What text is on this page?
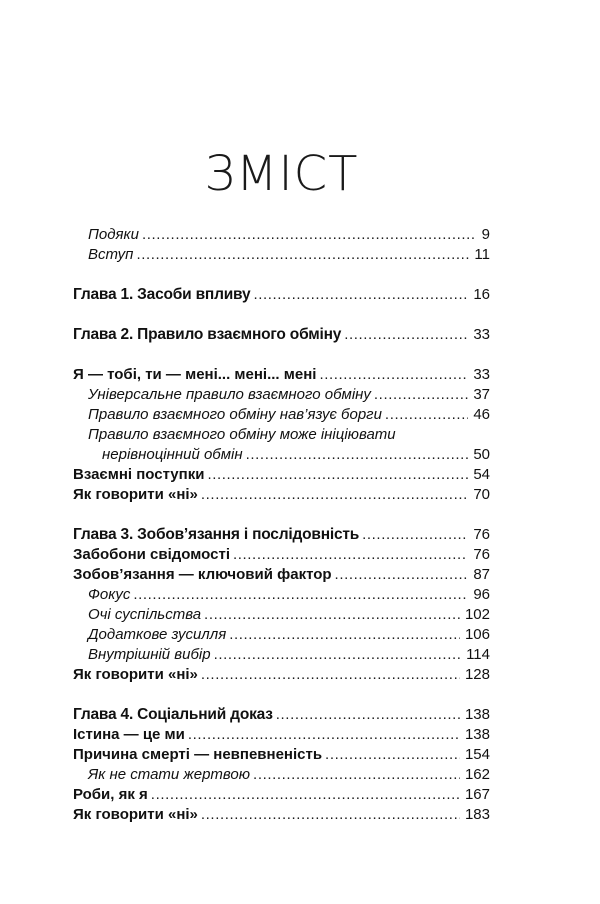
ЗМІСТ
Подяки .....	9
Вступ .....	11
Глава 1. Засоби впливу .....	16
Глава 2. Правило взаємного обміну .....	33
Я — тобі, ти — мені... мені... мені .....	33
Універсальне правило взаємного обміну .....	37
Правило взаємного обміну нав’язує борги .....	46
Правило взаємного обміну може ініціювати
нерівноцінний обмін .....	50
Взаємні поступки .....	54
Як говорити «ні» .....	70
Глава 3. Зобов’язання і послідовність .....	76
Забобони свідомості .....	76
Зобов’язання — ключовий фактор .....	87
Фокус .....	96
Очі суспільства .....	102
Додаткове зусилля .....	106
Внутрішній вибір .....	114
Як говорити «ні» .....	128
Глава 4. Соціальний доказ .....	138
Істина — це ми .....	138
Причина смерті — невпевненість .....	154
Як не стати жертвою .....	162
Роби, як я .....	167
Як говорити «ні» .....	183
